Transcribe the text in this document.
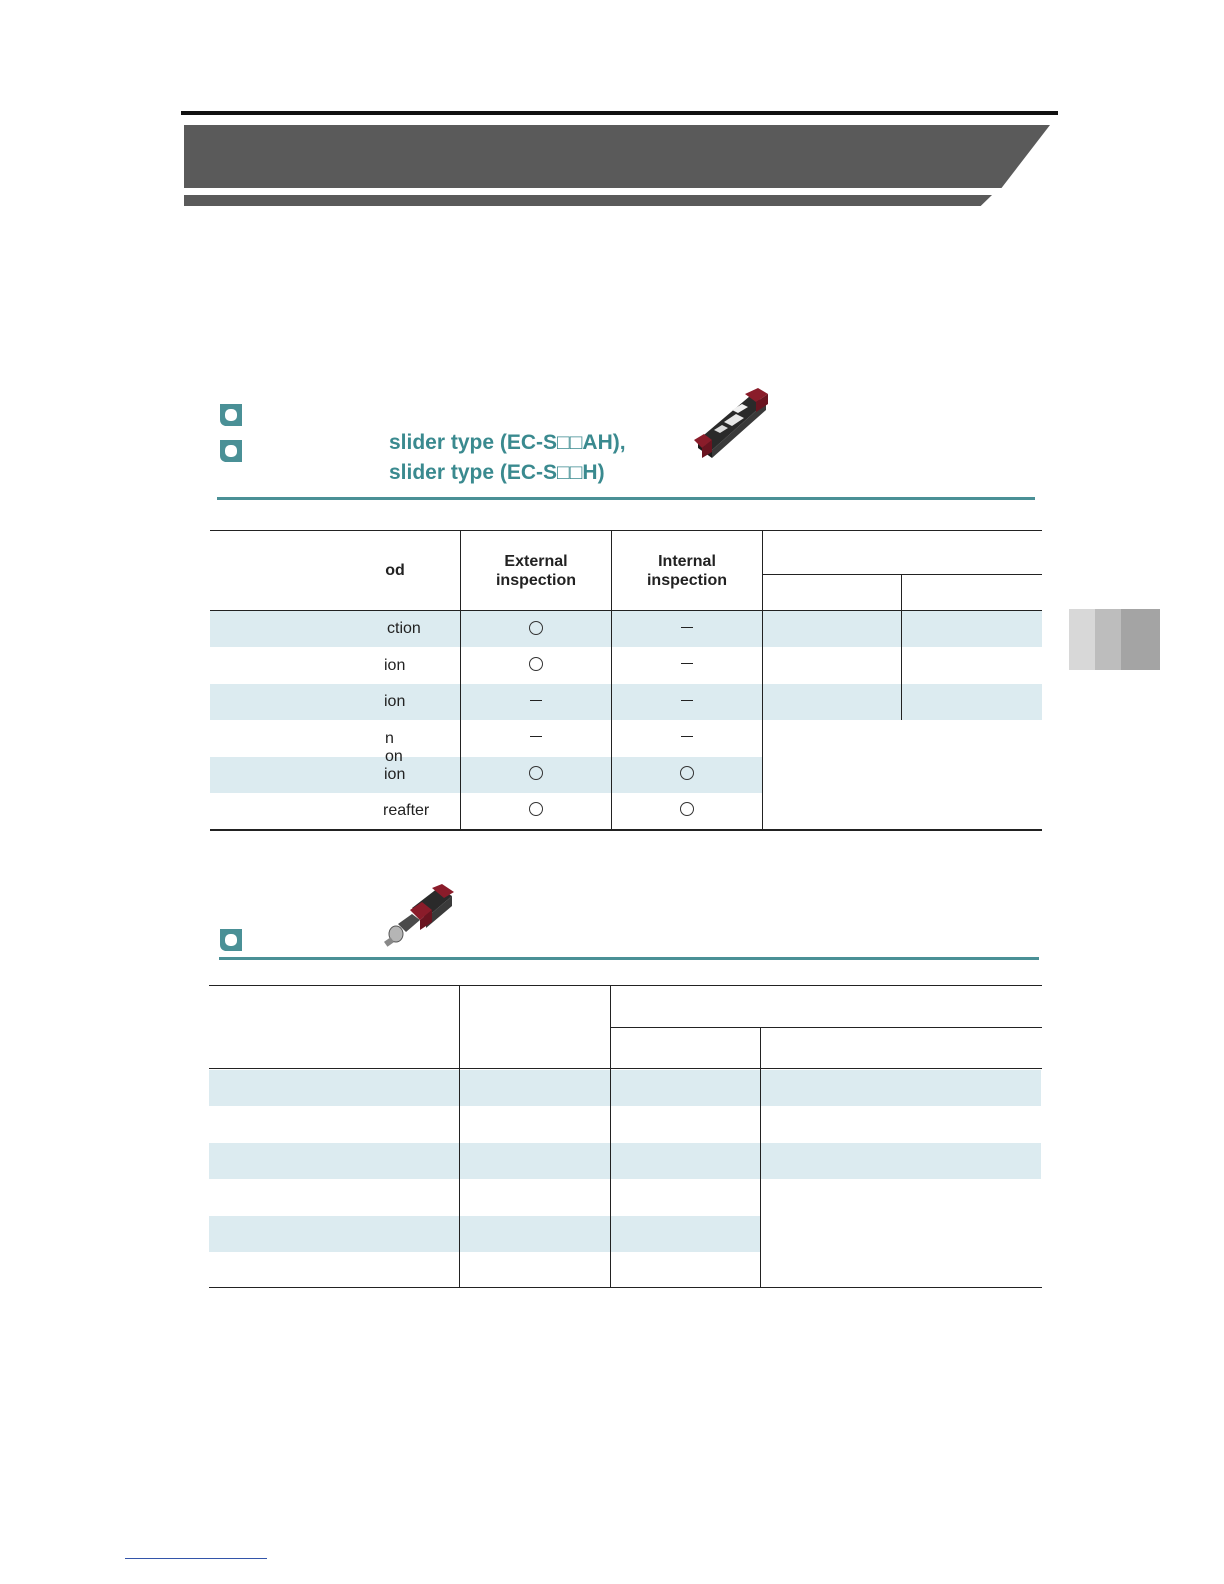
slider type (EC-S□□AH),
slider type (EC-S□□H)
od
External inspection
Internal inspection
ction
ion
ion
n on
ion
reafter
